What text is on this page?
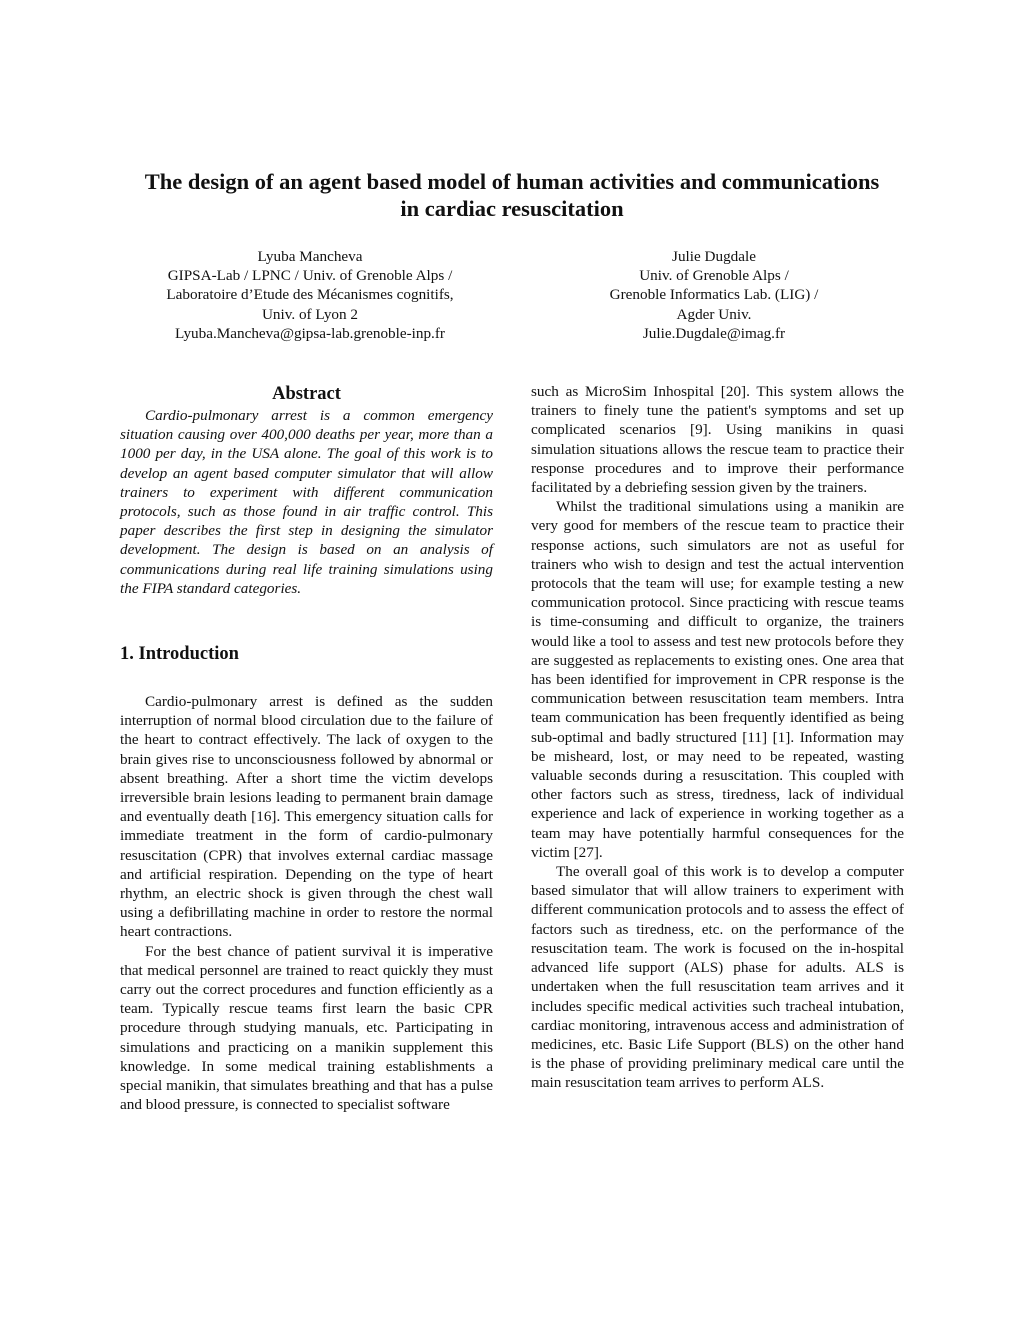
The design of an agent based model of human activities and communications
in cardiac resuscitation
Lyuba Mancheva
GIPSA-Lab / LPNC / Univ. of Grenoble Alps /
Laboratoire d’Etude des Mécanismes cognitifs,
Univ. of Lyon 2
Lyuba.Mancheva@gipsa-lab.grenoble-inp.fr
Julie Dugdale
Univ. of Grenoble Alps /
Grenoble Informatics Lab. (LIG) /
Agder Univ.
Julie.Dugdale@imag.fr
Abstract

Cardio-pulmonary arrest is a common emergency situation causing over 400,000 deaths per year, more than a 1000 per day, in the USA alone. The goal of this work is to develop an agent based computer simulator that will allow trainers to experiment with different communication protocols, such as those found in air traffic control. This paper describes the first step in designing the simulator development. The design is based on an analysis of communications during real life training simulations using the FIPA standard categories.

1. Introduction

Cardio-pulmonary arrest is defined as the sudden interruption of normal blood circulation due to the failure of the heart to contract effectively. The lack of oxygen to the brain gives rise to unconsciousness followed by abnormal or absent breathing. After a short time the victim develops irreversible brain lesions leading to permanent brain damage and eventually death [16]. This emergency situation calls for immediate treatment in the form of cardio-pulmonary resuscitation (CPR) that involves external cardiac massage and artificial respiration. Depending on the type of heart rhythm, an electric shock is given through the chest wall using a defibrillating machine in order to restore the normal heart contractions.

For the best chance of patient survival it is imperative that medical personnel are trained to react quickly they must carry out the correct procedures and function efficiently as a team. Typically rescue teams first learn the basic CPR procedure through studying manuals, etc. Participating in simulations and practicing on a manikin supplement this knowledge. In some medical training establishments a special manikin, that simulates breathing and that has a pulse and blood pressure, is connected to specialist software

such as MicroSim Inhospital [20]. This system allows the trainers to finely tune the patient's symptoms and set up complicated scenarios [9]. Using manikins in quasi simulation situations allows the rescue team to practice their response procedures and to improve their performance facilitated by a debriefing session given by the trainers.

Whilst the traditional simulations using a manikin are very good for members of the rescue team to practice their response actions, such simulators are not as useful for trainers who wish to design and test the actual intervention protocols that the team will use; for example testing a new communication protocol. Since practicing with rescue teams is time-consuming and difficult to organize, the trainers would like a tool to assess and test new protocols before they are suggested as replacements to existing ones. One area that has been identified for improvement in CPR response is the communication between resuscitation team members. Intra team communication has been frequently identified as being sub-optimal and badly structured [11] [1]. Information may be misheard, lost, or may need to be repeated, wasting valuable seconds during a resuscitation. This coupled with other factors such as stress, tiredness, lack of individual experience and lack of experience in working together as a team may have potentially harmful consequences for the victim [27].

The overall goal of this work is to develop a computer based simulator that will allow trainers to experiment with different communication protocols and to assess the effect of factors such as tiredness, etc. on the performance of the resuscitation team. The work is focused on the in-hospital advanced life support (ALS) phase for adults. ALS is undertaken when the full resuscitation team arrives and it includes specific medical activities such tracheal intubation, cardiac monitoring, intravenous access and administration of medicines, etc. Basic Life Support (BLS) on the other hand is the phase of providing preliminary medical care until the main resuscitation team arrives to perform ALS.
